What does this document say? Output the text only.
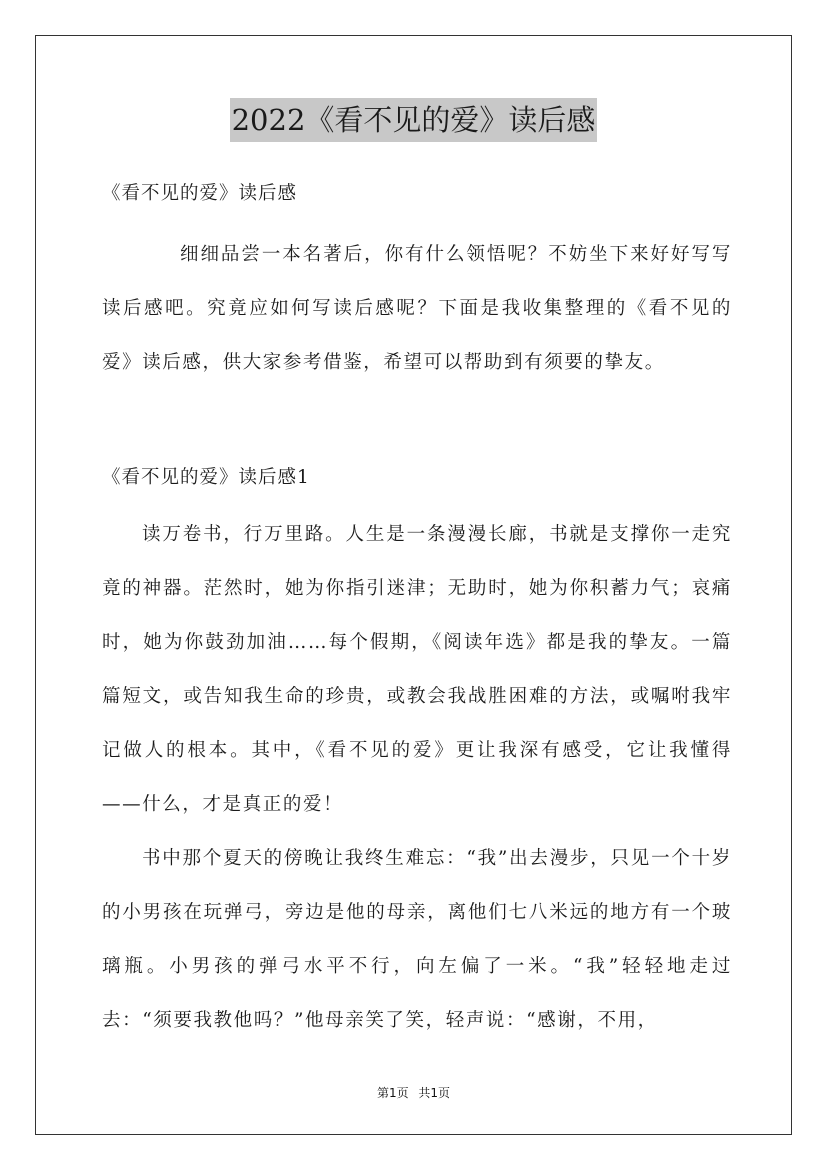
2022《看不见的爱》读后感

《看不见的爱》读后感

细细品尝一本名著后，你有什么领悟呢？不妨坐下来好好写写读后感吧。究竟应如何写读后感呢？下面是我收集整理的《看不见的爱》读后感，供大家参考借鉴，希望可以帮助到有须要的挚友。

《看不见的爱》读后感1

读万卷书，行万里路。人生是一条漫漫长廊，书就是支撑你一走究竟的神器。茫然时，她为你指引迷津；无助时，她为你积蓄力气；哀痛时，她为你鼓劲加油……每个假期，《阅读年选》都是我的挚友。一篇篇短文，或告知我生命的珍贵，或教会我战胜困难的方法，或嘱咐我牢记做人的根本。其中，《看不见的爱》更让我深有感受，它让我懂得——什么，才是真正的爱！

书中那个夏天的傍晚让我终生难忘：“我”出去漫步，只见一个十岁的小男孩在玩弹弓，旁边是他的母亲，离他们七八米远的地方有一个玻璃瓶。小男孩的弹弓水平不行，向左偏了一米。“我”轻轻地走过去：“须要我教他吗？”他母亲笑了笑，轻声说：“感谢，不用，

第1页 共1页
